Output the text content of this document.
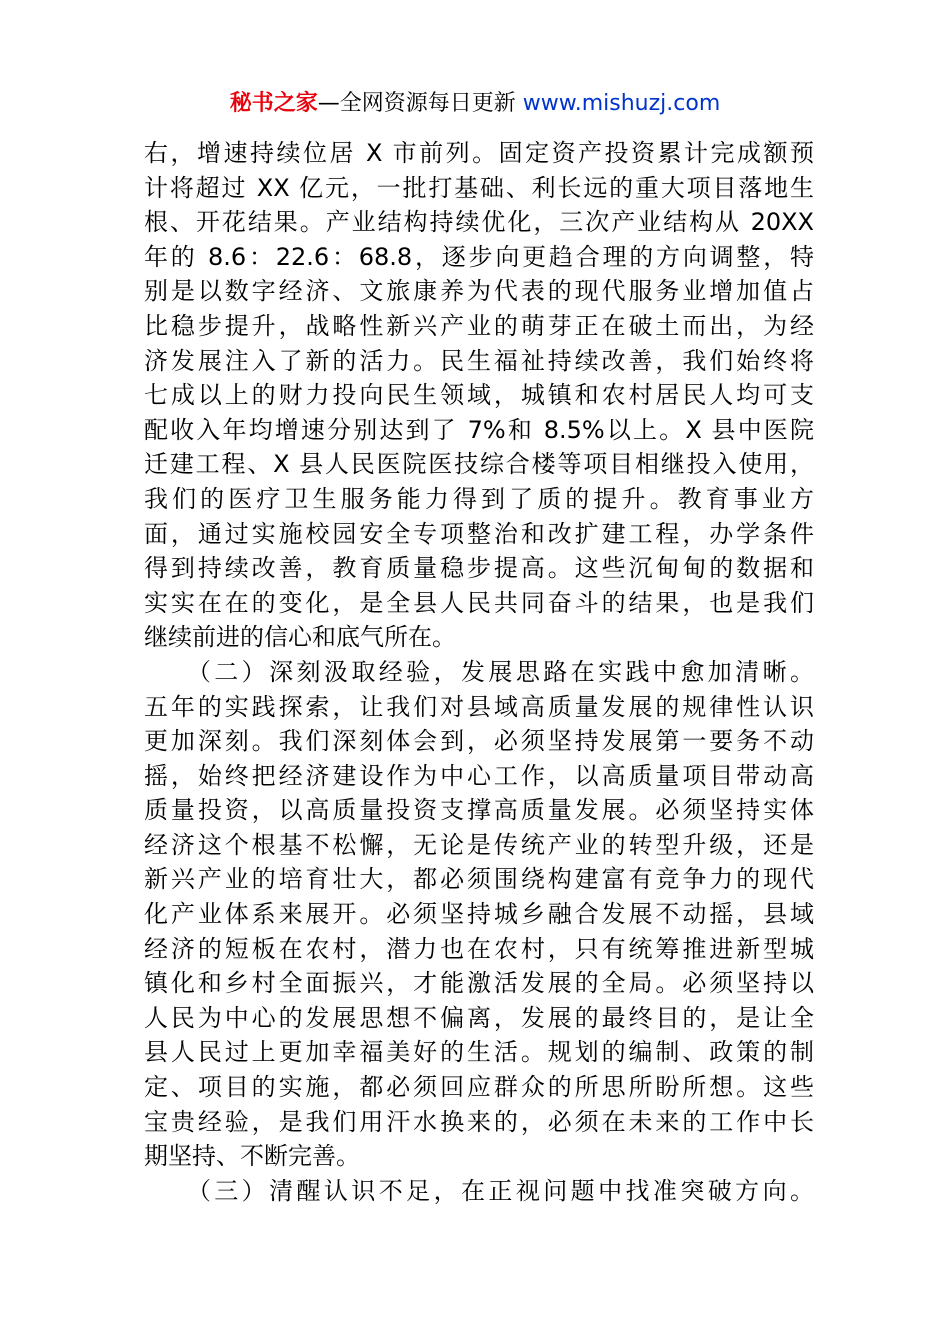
秘书之家—全网资源每日更新 www.mishuzj.com
右，增速持续位居 X 市前列。固定资产投资累计完成额预
计将超过 XX 亿元，一批打基础、利长远的重大项目落地生
根、开花结果。产业结构持续优化，三次产业结构从 20XX
年的 8.6：22.6：68.8，逐步向更趋合理的方向调整，特
别是以数字经济、文旅康养为代表的现代服务业增加值占
比稳步提升，战略性新兴产业的萌芽正在破土而出，为经
济发展注入了新的活力。民生福祉持续改善，我们始终将
七成以上的财力投向民生领域，城镇和农村居民人均可支
配收入年均增速分别达到了 7%和 8.5%以上。X 县中医院
迁建工程、X 县人民医院医技综合楼等项目相继投入使用，
我们的医疗卫生服务能力得到了质的提升。教育事业方
面，通过实施校园安全专项整治和改扩建工程，办学条件
得到持续改善，教育质量稳步提高。这些沉甸甸的数据和
实实在在的变化，是全县人民共同奋斗的结果，也是我们
继续前进的信心和底气所在。
　　（二）深刻汲取经验，发展思路在实践中愈加清晰。
五年的实践探索，让我们对县域高质量发展的规律性认识
更加深刻。我们深刻体会到，必须坚持发展第一要务不动
摇，始终把经济建设作为中心工作，以高质量项目带动高
质量投资，以高质量投资支撑高质量发展。必须坚持实体
经济这个根基不松懈，无论是传统产业的转型升级，还是
新兴产业的培育壮大，都必须围绕构建富有竞争力的现代
化产业体系来展开。必须坚持城乡融合发展不动摇，县域
经济的短板在农村，潜力也在农村，只有统筹推进新型城
镇化和乡村全面振兴，才能激活发展的全局。必须坚持以
人民为中心的发展思想不偏离，发展的最终目的，是让全
县人民过上更加幸福美好的生活。规划的编制、政策的制
定、项目的实施，都必须回应群众的所思所盼所想。这些
宝贵经验，是我们用汗水换来的，必须在未来的工作中长
期坚持、不断完善。
　　（三）清醒认识不足，在正视问题中找准突破方向。
